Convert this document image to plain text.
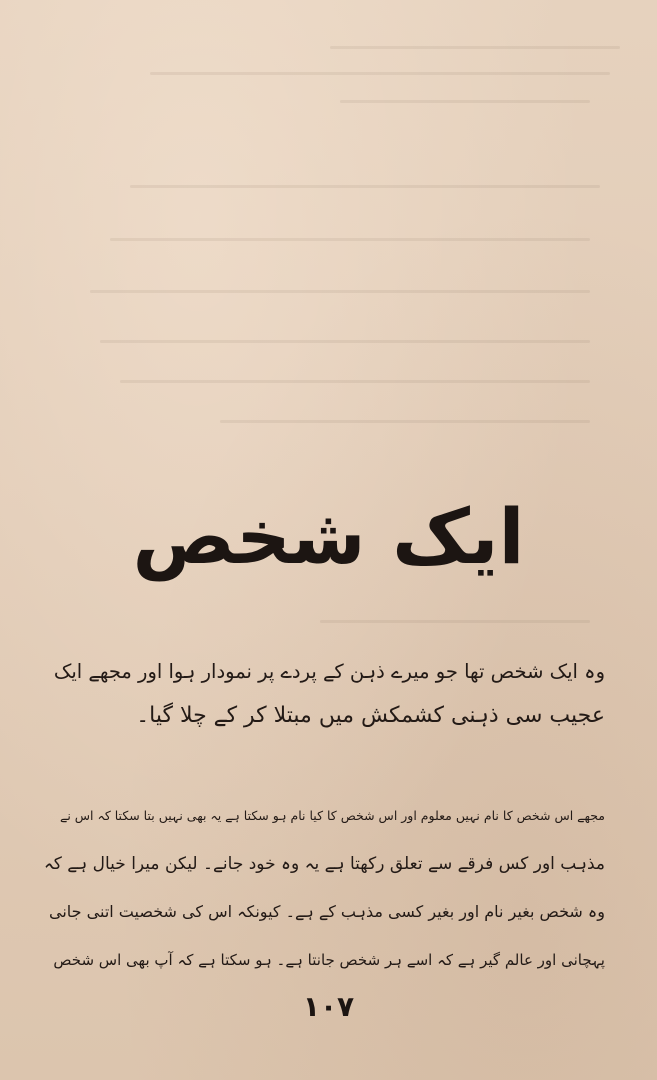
ایک شخص
وہ ایک شخص تھا جو میرے ذہن کے پردے پر نمودار ہوا اور مجھے ایک
عجیب سی ذہنی کشمکش میں مبتلا کر کے چلا گیا۔
مجھے اس شخص کا نام نہیں معلوم اور اس شخص کا کیا نام ہو سکتا ہے یہ بھی نہیں بتا سکتا کہ اس نے
مذہب اور کس فرقے سے تعلق رکھتا ہے یہ وہ خود جانے۔ لیکن میرا خیال ہے کہ
وہ شخص بغیر نام اور بغیر کسی مذہب کے ہے۔ کیونکہ اس کی شخصیت اتنی جانی
پہچانی اور عالم گیر ہے کہ اسے ہر شخص جانتا ہے۔ ہو سکتا ہے کہ آپ بھی اس شخص
۱۰۷
